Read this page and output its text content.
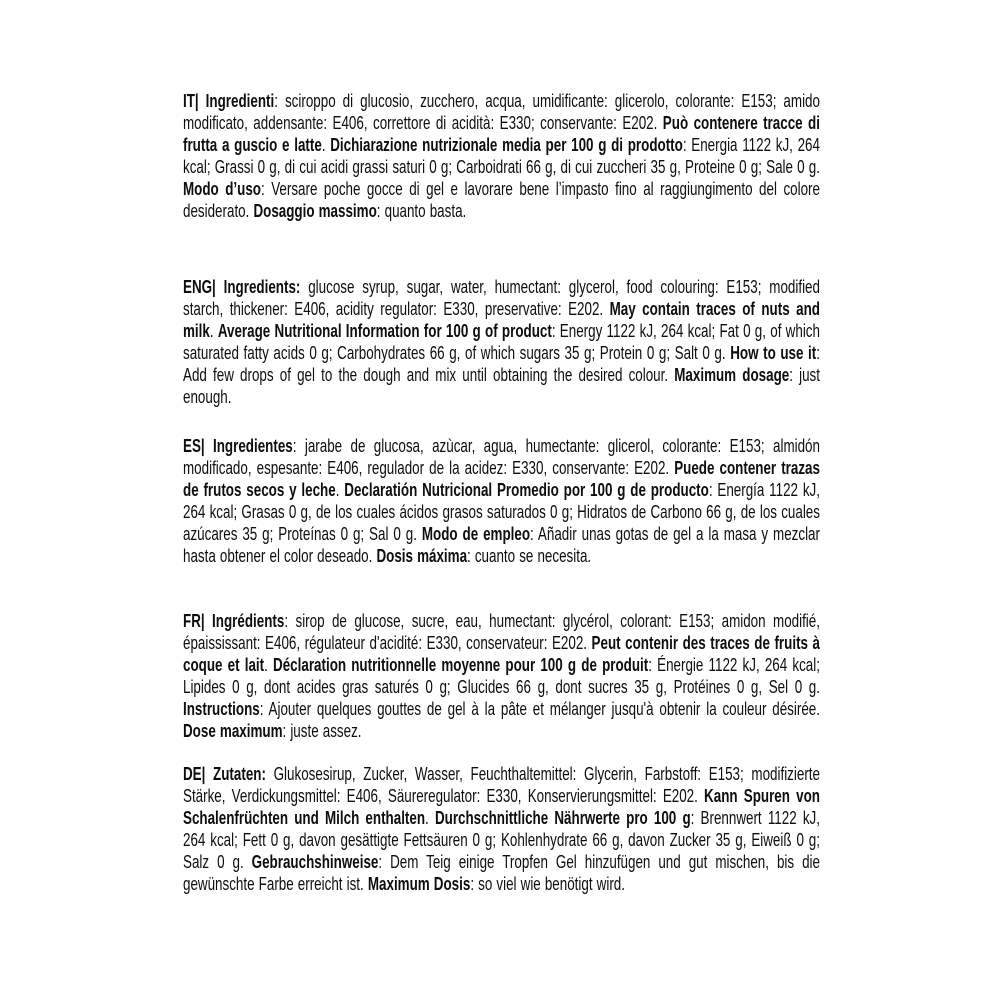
IT| Ingredienti: sciroppo di glucosio, zucchero, acqua, umidificante: glicerolo, colorante: E153; amido modificato, addensante: E406, correttore di acidità: E330; conservante: E202. Può contenere tracce di frutta a guscio e latte. Dichiarazione nutrizionale media per 100 g di prodotto: Energia 1122 kJ, 264 kcal; Grassi 0 g, di cui acidi grassi saturi 0 g; Carboidrati 66 g, di cui zuccheri 35 g, Proteine 0 g; Sale 0 g. Modo d’uso: Versare poche gocce di gel e lavorare bene l’impasto fino al raggiungimento del colore desiderato. Dosaggio massimo: quanto basta.
ENG| Ingredients: glucose syrup, sugar, water, humectant: glycerol, food colouring: E153; modified starch, thickener: E406, acidity regulator: E330, preservative: E202. May contain traces of nuts and milk. Average Nutritional Information for 100 g of product: Energy 1122 kJ, 264 kcal; Fat 0 g, of which saturated fatty acids 0 g; Carbohydrates 66 g, of which sugars 35 g; Protein 0 g; Salt 0 g. How to use it: Add few drops of gel to the dough and mix until obtaining the desired colour. Maximum dosage: just enough.
ES| Ingredientes: jarabe de glucosa, azùcar, agua, humectante: glicerol, colorante: E153; almidón modificado, espesante: E406, regulador de la acidez: E330, conservante: E202. Puede contener trazas de frutos secos y leche. Declaratión Nutricional Promedio por 100 g de producto: Energía 1122 kJ, 264 kcal; Grasas 0 g, de los cuales ácidos grasos saturados 0 g; Hidratos de Carbono 66 g, de los cuales azúcares 35 g; Proteínas 0 g; Sal 0 g. Modo de empleo: Añadir unas gotas de gel a la masa y mezclar hasta obtener el color deseado. Dosis máxima: cuanto se necesita.
FR| Ingrédients: sirop de glucose, sucre, eau, humectant: glycérol, colorant: E153; amidon modifié, épaississant: E406, régulateur d'acidité: E330, conservateur: E202. Peut contenir des traces de fruits à coque et lait. Déclaration nutritionnelle moyenne pour 100 g de produit: Énergie 1122 kJ, 264 kcal; Lipides 0 g, dont acides gras saturés 0 g; Glucides 66 g, dont sucres 35 g, Protéines 0 g, Sel 0 g. Instructions: Ajouter quelques gouttes de gel à la pâte et mélanger jusqu'à obtenir la couleur désirée. Dose maximum: juste assez.
DE| Zutaten: Glukosesirup, Zucker, Wasser, Feuchthaltemittel: Glycerin, Farbstoff: E153; modifizierte Stärke, Verdickungsmittel: E406, Säureregulator: E330, Konservierungsmittel: E202. Kann Spuren von Schalenfrüchten und Milch enthalten. Durchschnittliche Nährwerte pro 100 g: Brennwert 1122 kJ, 264 kcal; Fett 0 g, davon gesättigte Fettsäuren 0 g; Kohlenhydrate 66 g, davon Zucker 35 g, Eiweiß 0 g; Salz 0 g. Gebrauchshinweise: Dem Teig einige Tropfen Gel hinzufügen und gut mischen, bis die gewünschte Farbe erreicht ist. Maximum Dosis: so viel wie benötigt wird.
